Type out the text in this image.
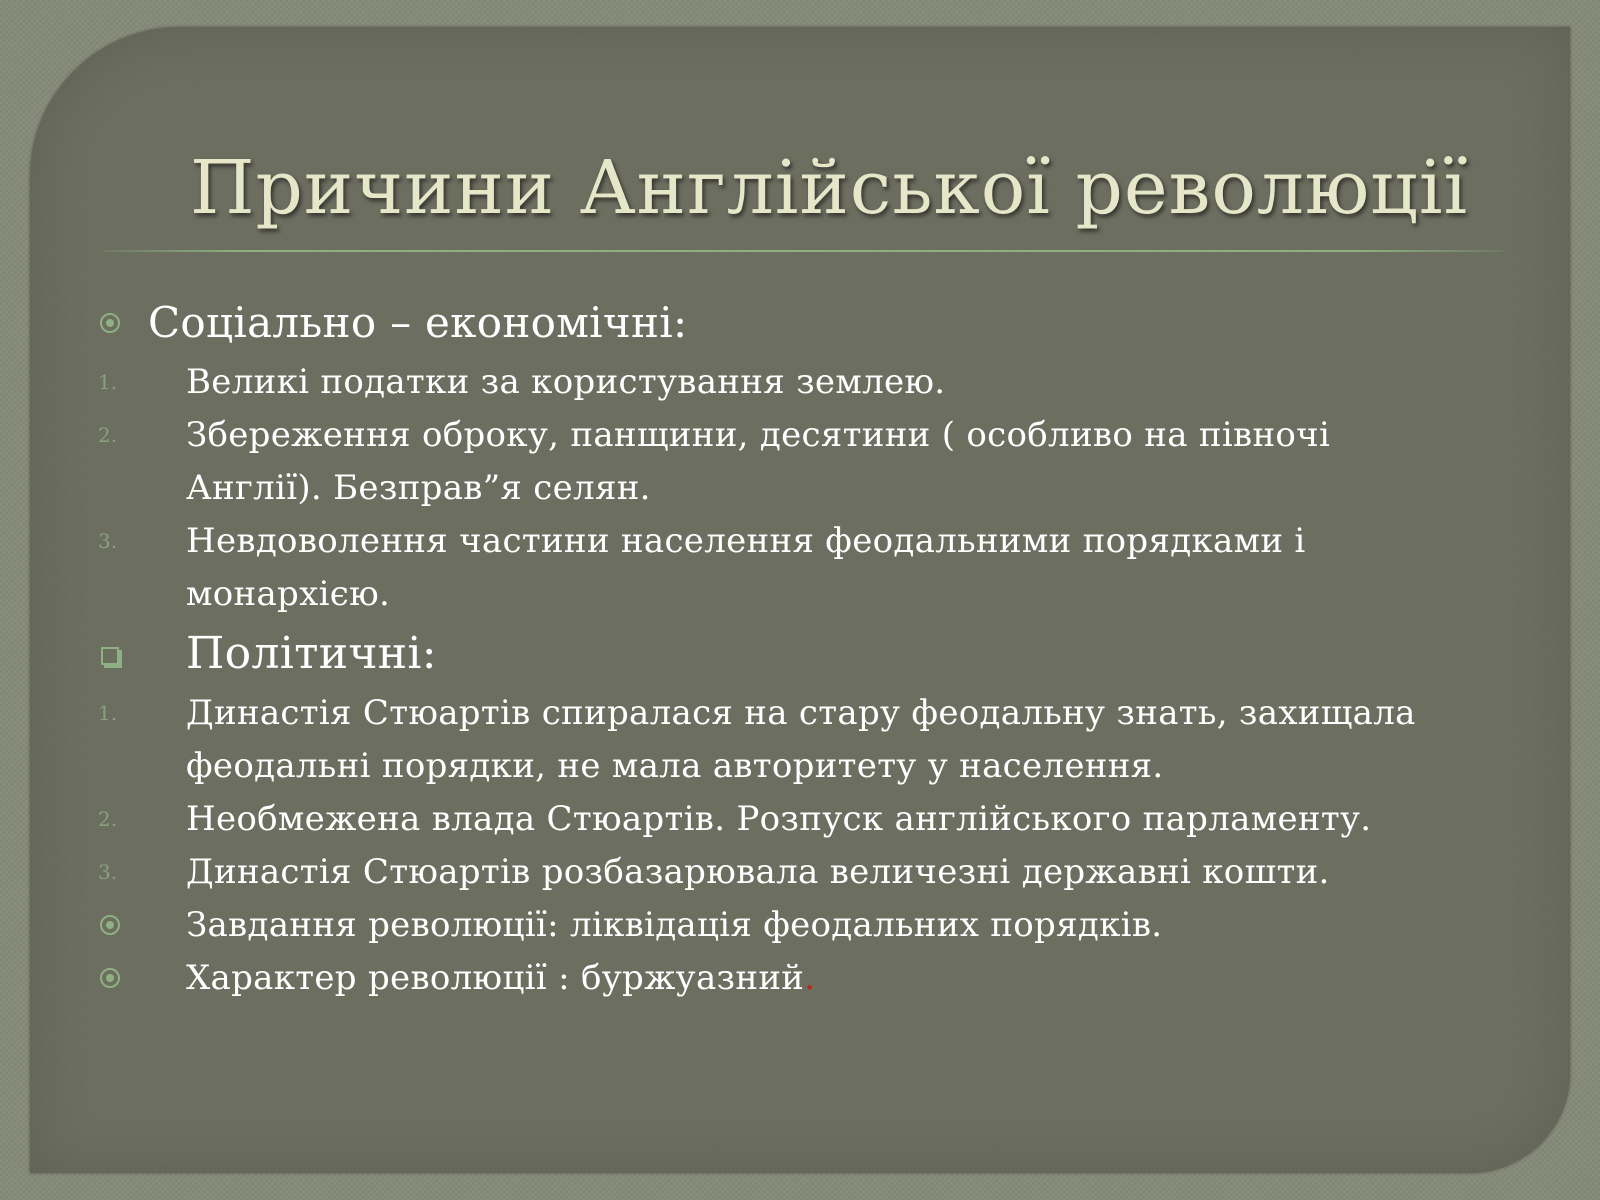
Причини Англійської революції
Соціально – економічні:
1. Великі податки за користування землею.
2. Збереження оброку, панщини, десятини ( особливо на півночі
Англії). Безправ”я селян.
3. Невдоволення частини населення феодальними порядками і
монархією.
Політичні:
1. Династія Стюартів спиралася на стару феодальну знать, захищала
феодальні порядки, не мала авторитету у населення.
2. Необмежена влада Стюартів. Розпуск англійського парламенту.
3. Династія Стюартів розбазарювала величезні державні кошти.
Завдання революції: ліквідація феодальних порядків.
Характер революції : буржуазний.
